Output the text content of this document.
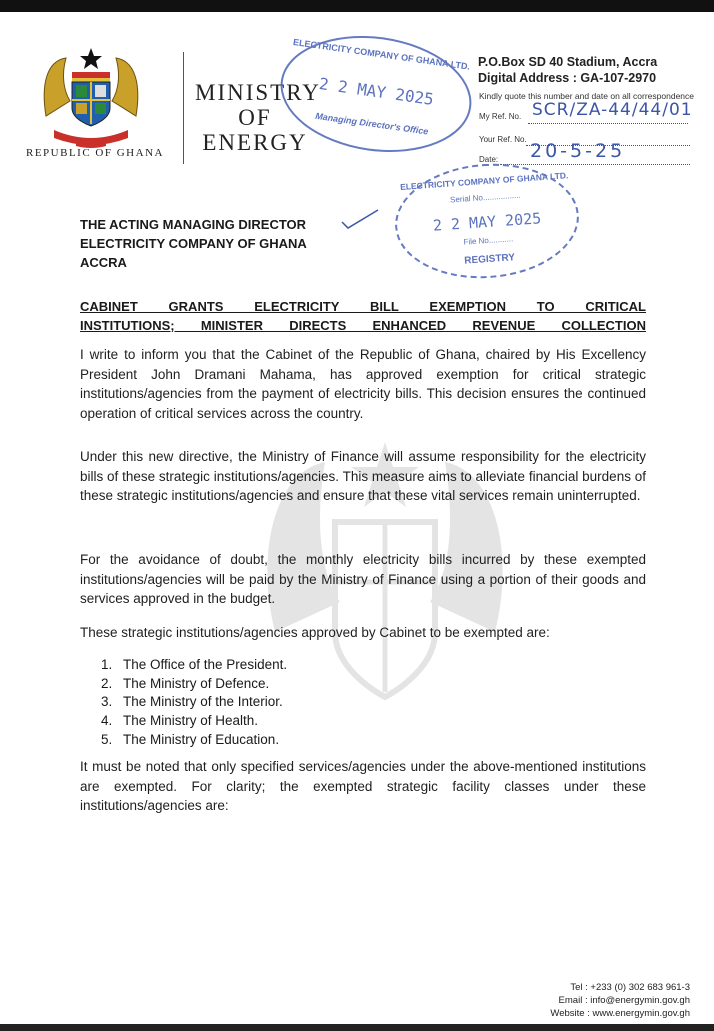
REPUBLIC OF GHANA
MINISTRY
OF
ENERGY
P.O.Box SD 40 Stadium, Accra
Digital Address : GA-107-2970
Kindly quote this number and date on all correspondence
My Ref. No. SCR/ZA-44/44/01
Your Ref. No.
Date: 20-5-25
ELECTRICITY COMPANY OF GHANA LTD.
2 2 MAY 2025
Managing Director's Office
ELECTRICITY COMPANY OF GHANA LTD.
Serial No.................
2 2 MAY 2025
File No...........
REGISTRY
THE ACTING MANAGING DIRECTOR
ELECTRICITY COMPANY OF GHANA
ACCRA
CABINET GRANTS ELECTRICITY BILL EXEMPTION TO CRITICAL
INSTITUTIONS; MINISTER DIRECTS ENHANCED REVENUE COLLECTION
I write to inform you that the Cabinet of the Republic of Ghana, chaired by His Excellency President John Dramani Mahama, has approved exemption for critical strategic institutions/agencies from the payment of electricity bills. This decision ensures the continued operation of critical services across the country.
Under this new directive, the Ministry of Finance will assume responsibility for the electricity bills of these strategic institutions/agencies. This measure aims to alleviate financial burdens of these strategic institutions/agencies and ensure that these vital services remain uninterrupted.
For the avoidance of doubt, the monthly electricity bills incurred by these exempted institutions/agencies will be paid by the Ministry of Finance using a portion of their goods and services approved in the budget.
These strategic institutions/agencies approved by Cabinet to be exempted are:
1. The Office of the President.
2. The Ministry of Defence.
3. The Ministry of the Interior.
4. The Ministry of Health.
5. The Ministry of Education.
It must be noted that only specified services/agencies under the above-mentioned institutions are exempted. For clarity; the exempted strategic facility classes under these institutions/agencies are:
Tel : +233 (0) 302 683 961-3
Email : info@energymin.gov.gh
Website : www.energymin.gov.gh
